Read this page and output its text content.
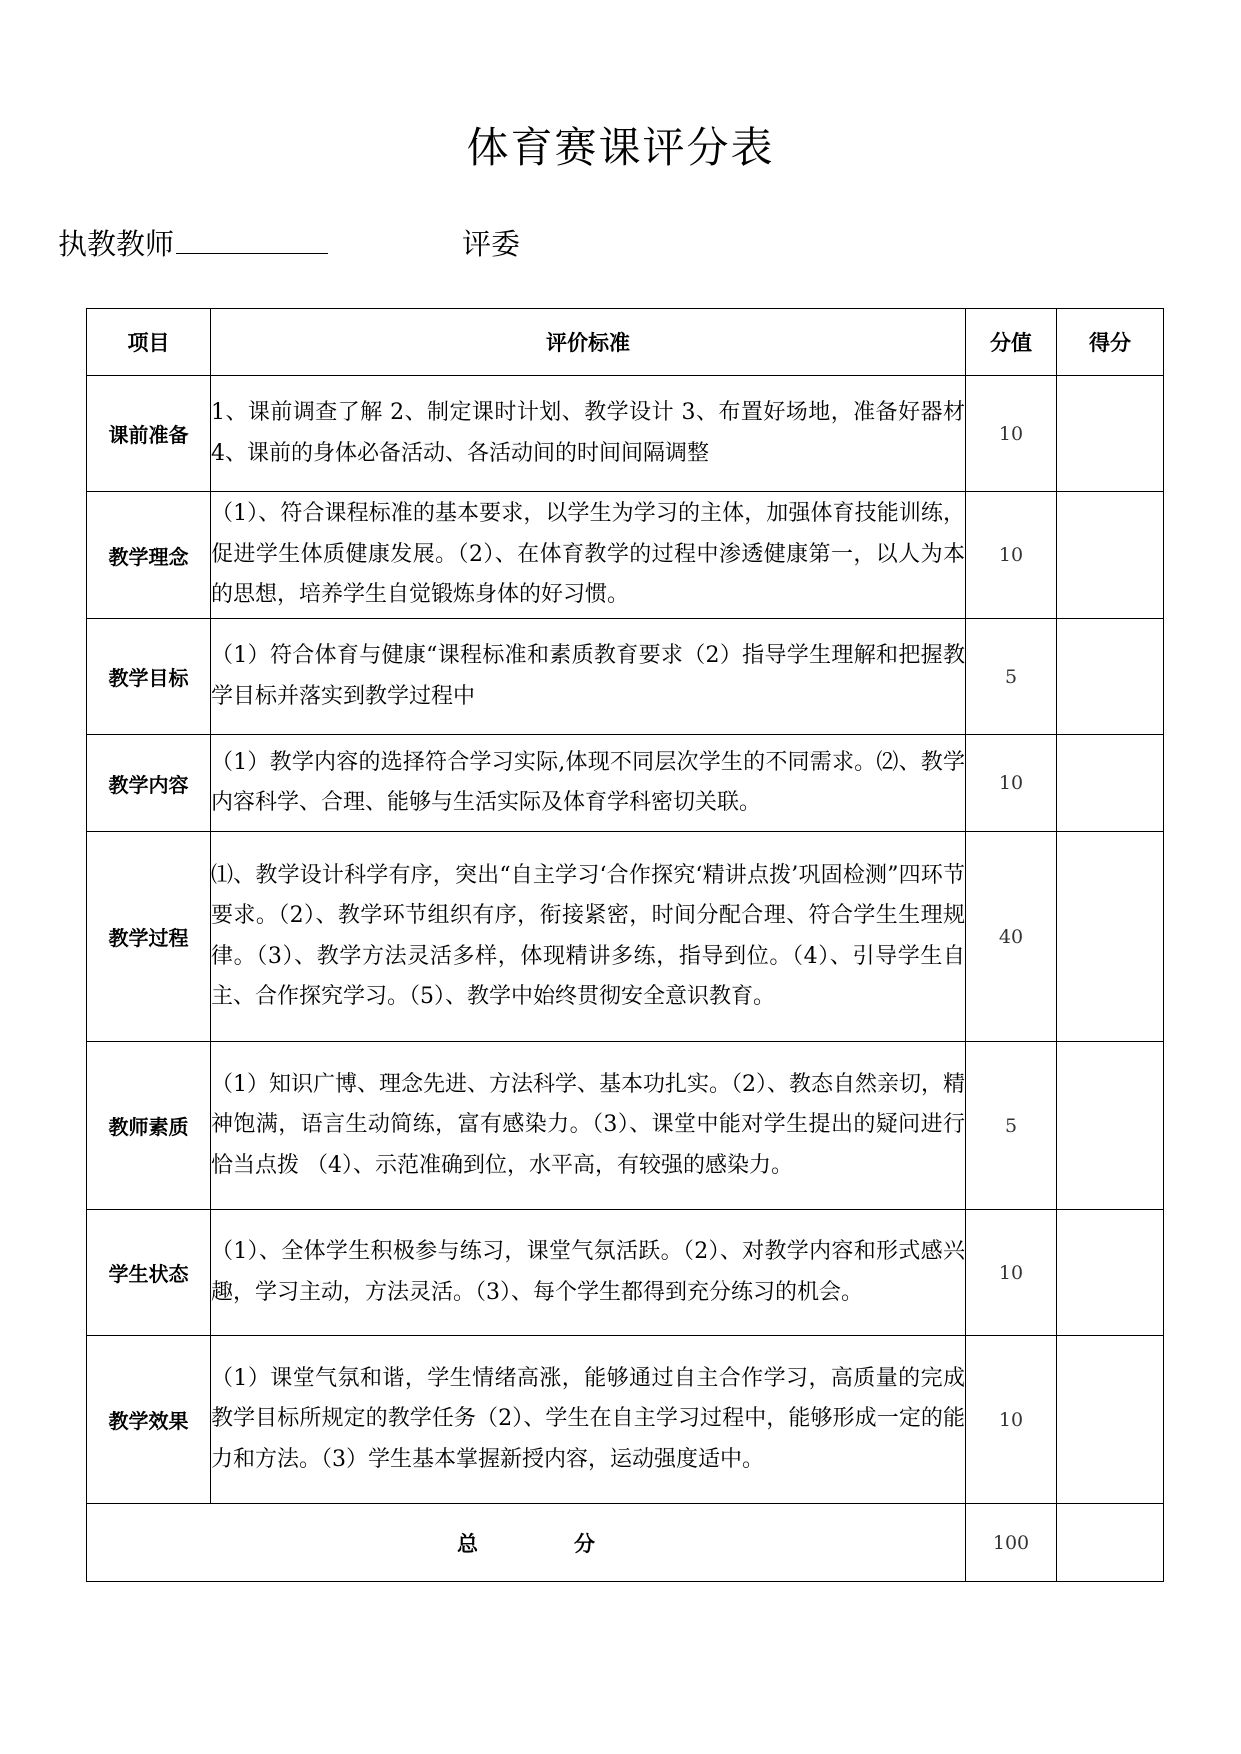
体育赛课评分表
执教教师	评委
项目	评价标准	分值	得分
课前准备	1、课前调查了解 2、制定课时计划、教学设计 3、布置好场地，准备好器材 4、课前的身体必备活动、各活动间的时间间隔调整	10	
教学理念	（1）、符合课程标准的基本要求，以学生为学习的主体，加强体育技能训练，促进学生体质健康发展。（2）、在体育教学的过程中渗透健康第一，以人为本的思想，培养学生自觉锻炼身体的好习惯。	10	
教学目标	（1）符合体育与健康“课程标准和素质教育要求（2）指导学生理解和把握教学目标并落实到教学过程中	5	
教学内容	（1）教学内容的选择符合学习实际,体现不同层次学生的不同需求。⑵、教学内容科学、合理、能够与生活实际及体育学科密切关联。	10	
教学过程	⑴、教学设计科学有序，突出“自主学习‘合作探究‘精讲点拨’巩固检测”四环节要求。（2）、教学环节组织有序，衔接紧密，时间分配合理、符合学生生理规律。（3）、教学方法灵活多样，体现精讲多练，指导到位。（4）、引导学生自主、合作探究学习。（5）、教学中始终贯彻安全意识教育。	40	
教师素质	（1）知识广博、理念先进、方法科学、基本功扎实。（2）、教态自然亲切，精神饱满，语言生动简练，富有感染力。（3）、课堂中能对学生提出的疑问进行恰当点拨 （4）、示范准确到位，水平高，有较强的感染力。	5	
学生状态	（1）、全体学生积极参与练习，课堂气氛活跃。（2）、对教学内容和形式感兴趣，学习主动，方法灵活。（3）、每个学生都得到充分练习的机会。	10	
教学效果	（1）课堂气氛和谐，学生情绪高涨，能够通过自主合作学习，高质量的完成教学目标所规定的教学任务（2）、学生在自主学习过程中，能够形成一定的能力和方法。（3）学生基本掌握新授内容，运动强度适中。	10	
总 分		100	
